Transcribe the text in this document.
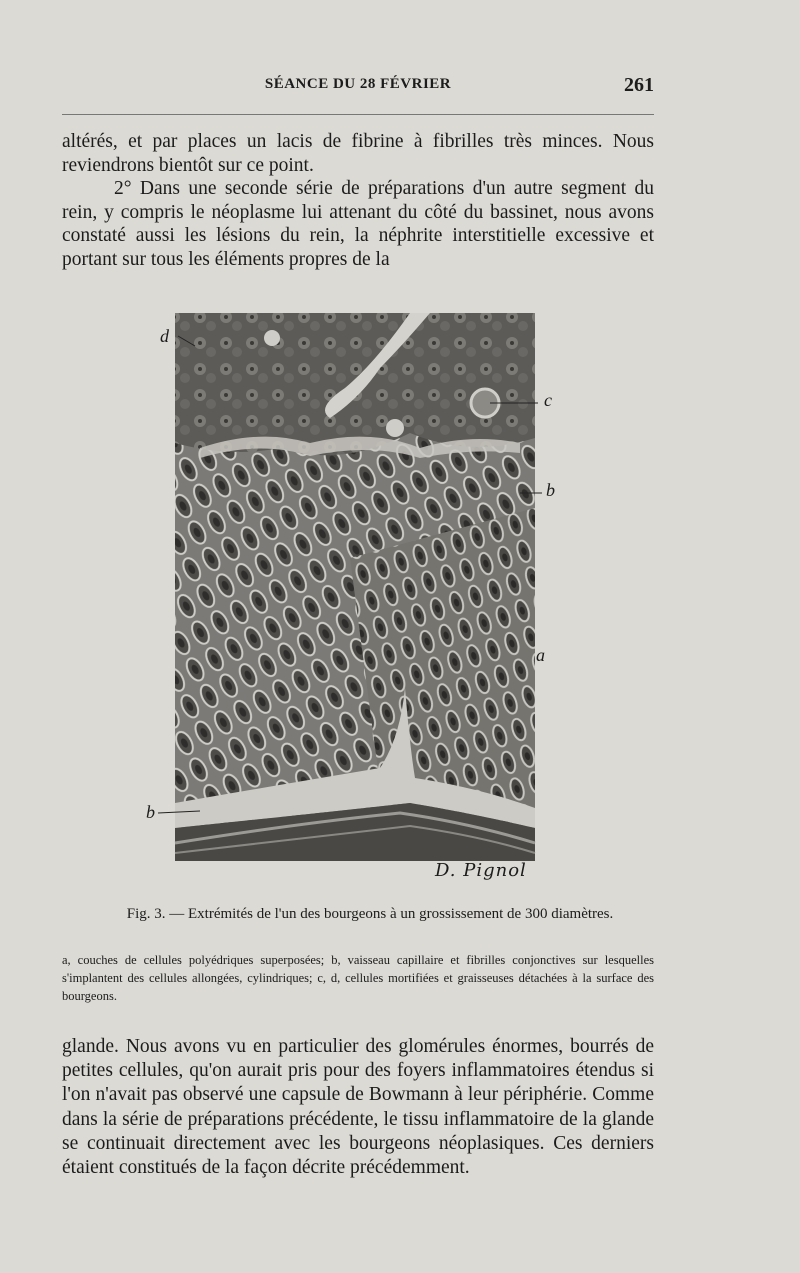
SÉANCE DU 28 FÉVRIER	261

altérés, et par places un lacis de fibrine à fibrilles très minces. Nous reviendrons bientôt sur ce point.

2° Dans une seconde série de préparations d'un autre segment du rein, y compris le néoplasme lui attenant du côté du bassinet, nous avons constaté aussi les lésions du rein, la néphrite interstitielle excessive et portant sur tous les éléments propres de la

d
c
b
a
b
D. Pignol
Fig. 3. — Extrémités de l'un des bourgeons à un grossissement de 300 diamètres.
a, couches de cellules polyédriques superposées; b, vaisseau capillaire et fibrilles conjonctives sur lesquelles s'implantent des cellules allongées, cylindriques; c, d, cellules mortifiées et graisseuses détachées à la surface des bourgeons.

glande. Nous avons vu en particulier des glomérules énormes, bourrés de petites cellules, qu'on aurait pris pour des foyers inflammatoires étendus si l'on n'avait pas observé une capsule de Bowmann à leur périphérie. Comme dans la série de préparations précédente, le tissu inflammatoire de la glande se continuait directement avec les bourgeons néoplasiques. Ces derniers étaient constitués de la façon décrite précédemment.
